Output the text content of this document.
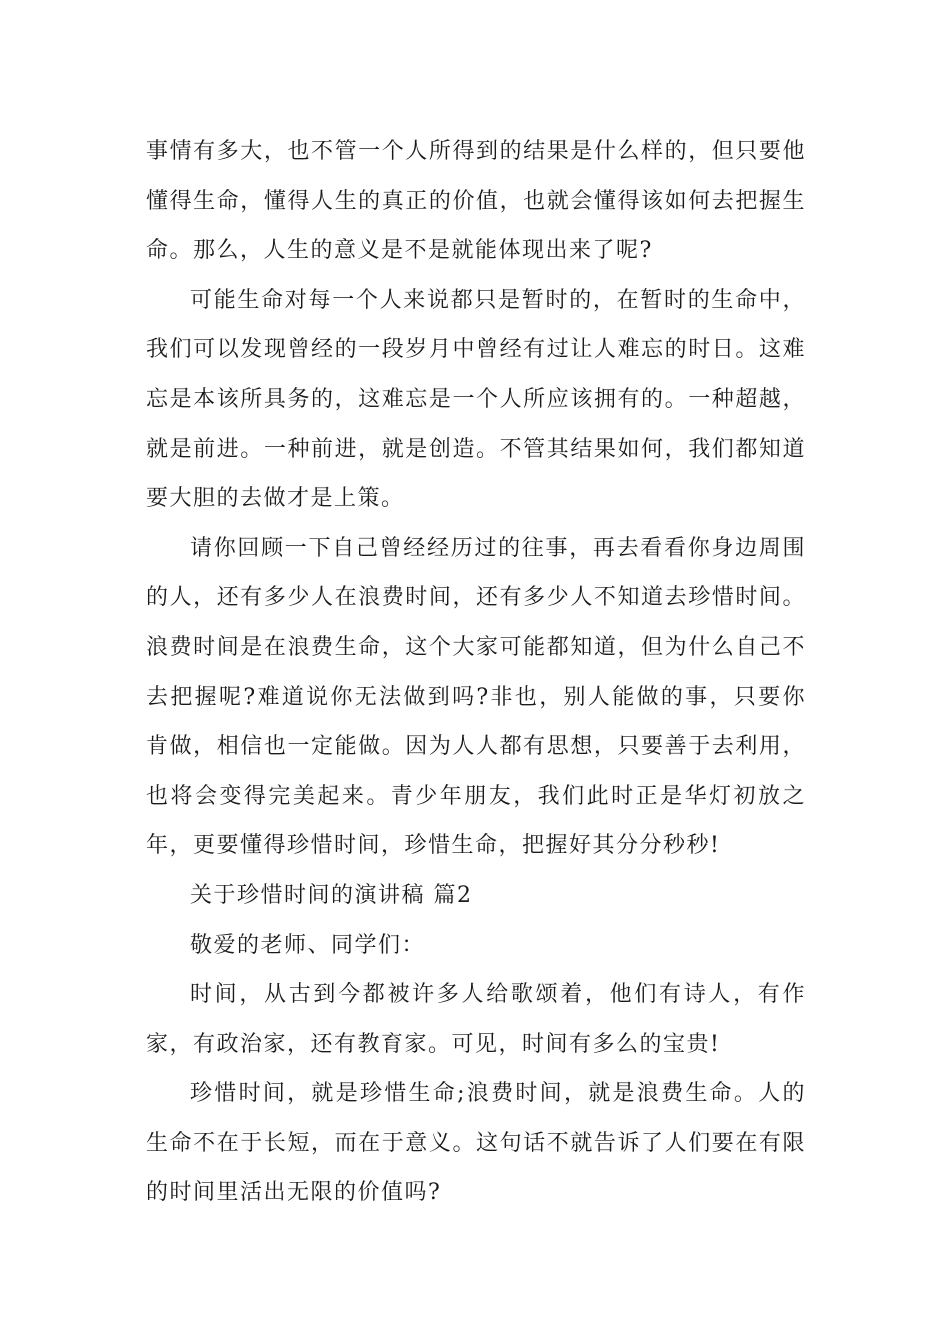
事情有多大，也不管一个人所得到的结果是什么样的，但只要他懂得生命，懂得人生的真正的价值，也就会懂得该如何去把握生命。那么，人生的意义是不是就能体现出来了呢?

可能生命对每一个人来说都只是暂时的，在暂时的生命中，我们可以发现曾经的一段岁月中曾经有过让人难忘的时日。这难忘是本该所具务的，这难忘是一个人所应该拥有的。一种超越，就是前进。一种前进，就是创造。不管其结果如何，我们都知道要大胆的去做才是上策。

请你回顾一下自己曾经经历过的往事，再去看看你身边周围的人，还有多少人在浪费时间，还有多少人不知道去珍惜时间。浪费时间是在浪费生命，这个大家可能都知道，但为什么自己不去把握呢?难道说你无法做到吗?非也，别人能做的事，只要你肯做，相信也一定能做。因为人人都有思想，只要善于去利用，也将会变得完美起来。青少年朋友，我们此时正是华灯初放之年，更要懂得珍惜时间，珍惜生命，把握好其分分秒秒!

关于珍惜时间的演讲稿 篇2

敬爱的老师、同学们：

时间，从古到今都被许多人给歌颂着，他们有诗人，有作家，有政治家，还有教育家。可见，时间有多么的宝贵!

珍惜时间，就是珍惜生命;浪费时间，就是浪费生命。人的生命不在于长短，而在于意义。这句话不就告诉了人们要在有限的时间里活出无限的价值吗?
